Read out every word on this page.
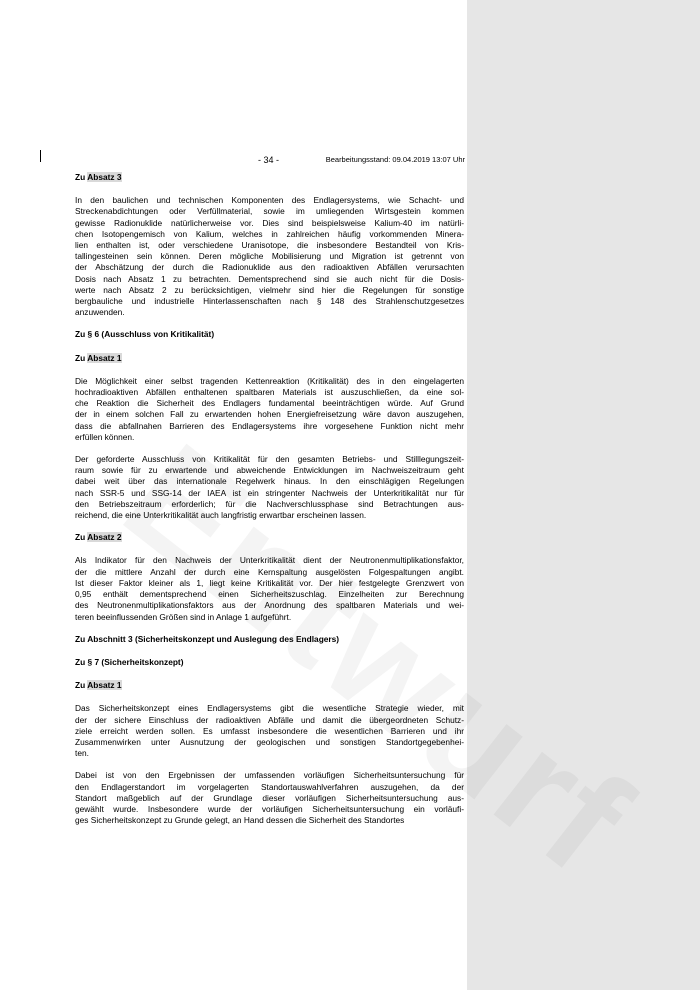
- 34 -	Bearbeitungsstand: 09.04.2019 13:07 Uhr
Zu Absatz 3

In den baulichen und technischen Komponenten des Endlagersystems, wie Schacht- und
Streckenabdichtungen oder Verfüllmaterial, sowie im umliegenden Wirtsgestein kommen
gewisse Radionuklide natürlicherweise vor. Dies sind beispielsweise Kalium-40 im natürli-
chen Isotopengemisch von Kalium, welches in zahlreichen häufig vorkommenden Minera-
lien enthalten ist, oder verschiedene Uranisotope, die insbesondere Bestandteil von Kris-
tallingesteinen sein können. Deren mögliche Mobilisierung und Migration ist getrennt von
der Abschätzung der durch die Radionuklide aus den radioaktiven Abfällen verursachten
Dosis nach Absatz 1 zu betrachten. Dementsprechend sind sie auch nicht für die Dosis-
werte nach Absatz 2 zu berücksichtigen, vielmehr sind hier die Regelungen für sonstige
bergbauliche und industrielle Hinterlassenschaften nach § 148 des Strahlenschutzgesetzes
anzuwenden.

Zu § 6 (Ausschluss von Kritikalität)
Zu Absatz 1

Die Möglichkeit einer selbst tragenden Kettenreaktion (Kritikalität) des in den eingelagerten
hochradioaktiven Abfällen enthaltenen spaltbaren Materials ist auszuschließen, da eine sol-
che Reaktion die Sicherheit des Endlagers fundamental beeinträchtigen würde. Auf Grund
der in einem solchen Fall zu erwartenden hohen Energiefreisetzung wäre davon auszugehen,
dass die abfallnahen Barrieren des Endlagersystems ihre vorgesehene Funktion nicht mehr
erfüllen können.

Der geforderte Ausschluss von Kritikalität für den gesamten Betriebs- und Stilllegungszeit-
raum sowie für zu erwartende und abweichende Entwicklungen im Nachweiszeitraum geht
dabei weit über das internationale Regelwerk hinaus. In den einschlägigen Regelungen
nach SSR-5 und SSG-14 der IAEA ist ein stringenter Nachweis der Unterkritikalität nur für
den Betriebszeitraum erforderlich; für die Nachverschlussphase sind Betrachtungen aus-
reichend, die eine Unterkritikalität auch langfristig erwartbar erscheinen lassen.

Zu Absatz 2

Als Indikator für den Nachweis der Unterkritikalität dient der Neutronenmultiplikationsfaktor,
der die mittlere Anzahl der durch eine Kernspaltung ausgelösten Folgespaltungen angibt.
Ist dieser Faktor kleiner als 1, liegt keine Kritikalität vor. Der hier festgelegte Grenzwert von
0,95 enthält dementsprechend einen Sicherheitszuschlag. Einzelheiten zur Berechnung
des Neutronenmultiplikationsfaktors aus der Anordnung des spaltbaren Materials und wei-
teren beeinflussenden Größen sind in Anlage 1 aufgeführt.

Zu Abschnitt 3 (Sicherheitskonzept und Auslegung des Endlagers)
Zu § 7 (Sicherheitskonzept)
Zu Absatz 1

Das Sicherheitskonzept eines Endlagersystems gibt die wesentliche Strategie wieder, mit
der der sichere Einschluss der radioaktiven Abfälle und damit die übergeordneten Schutz-
ziele erreicht werden sollen. Es umfasst insbesondere die wesentlichen Barrieren und ihr
Zusammenwirken unter Ausnutzung der geologischen und sonstigen Standortgegebenhei-
ten.

Dabei ist von den Ergebnissen der umfassenden vorläufigen Sicherheitsuntersuchung für
den Endlagerstandort im vorgelagerten Standortauswahlverfahren auszugehen, da der
Standort maßgeblich auf der Grundlage dieser vorläufigen Sicherheitsuntersuchung aus-
gewählt wurde. Insbesondere wurde der vorläufigen Sicherheitsuntersuchung ein vorläufi-
ges Sicherheitskonzept zu Grunde gelegt, an Hand dessen die Sicherheit des Standortes
